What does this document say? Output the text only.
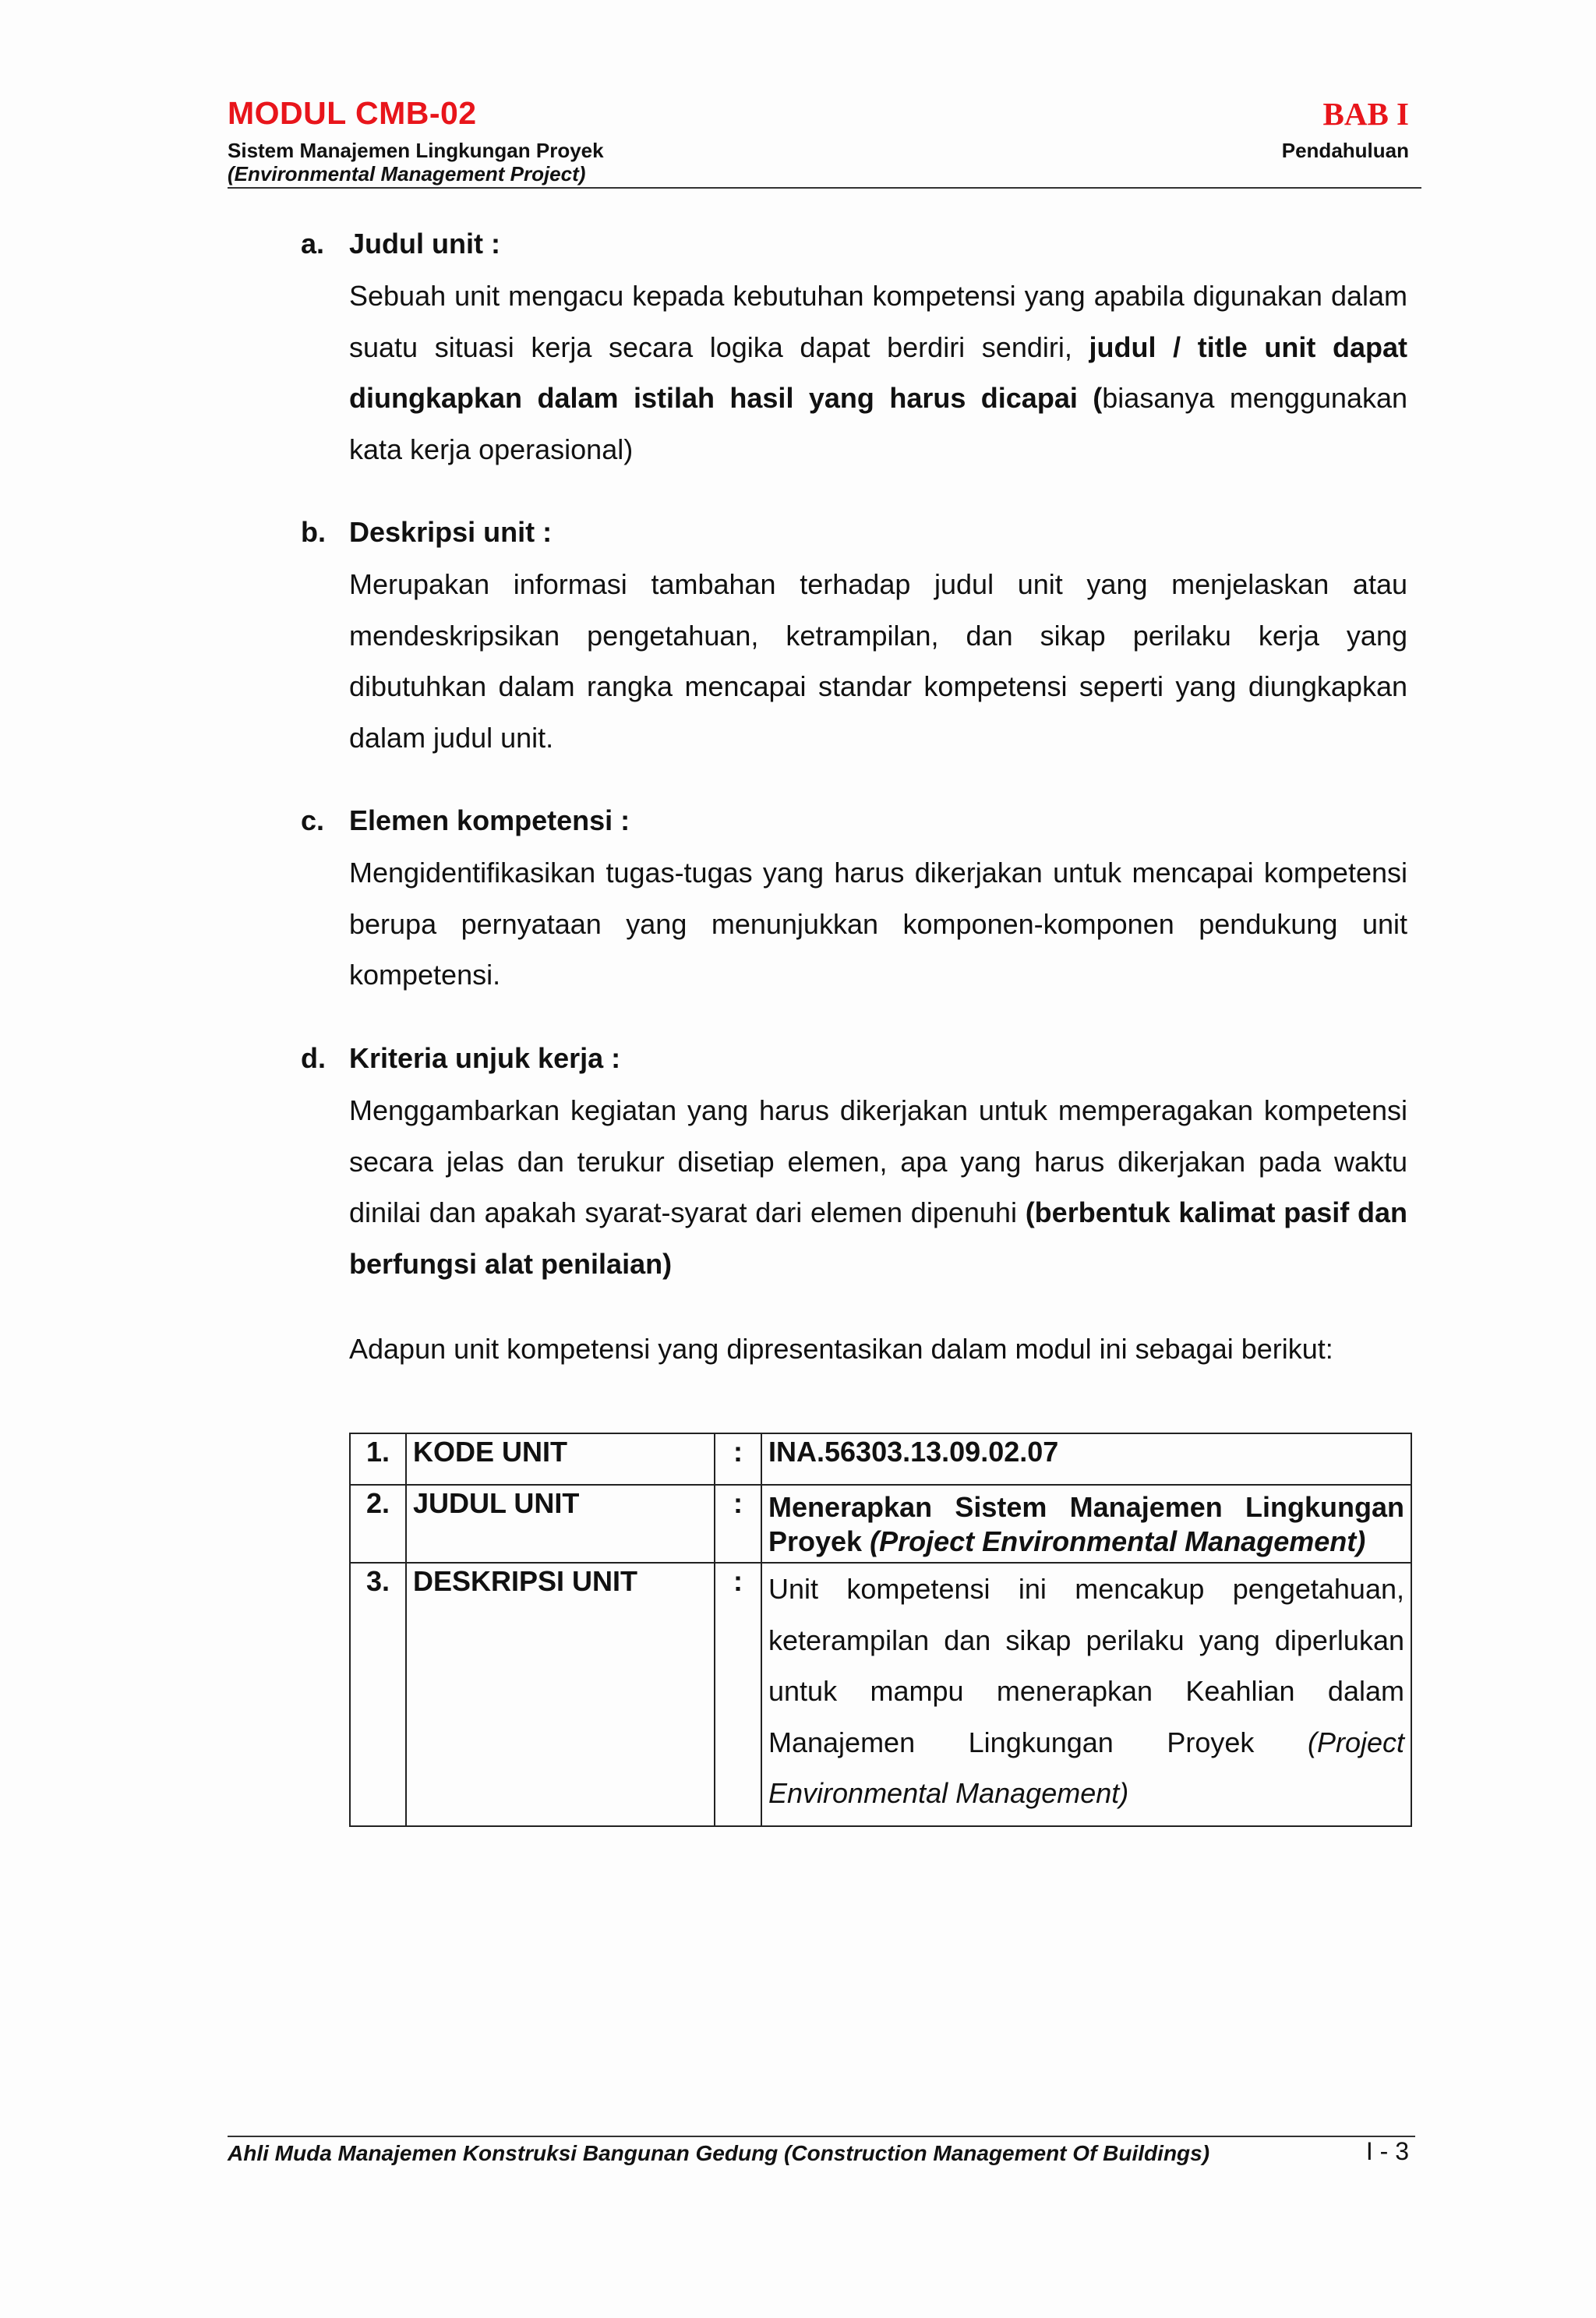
MODUL CMB-02	BAB I
Sistem Manajemen Lingkungan Proyek	Pendahuluan
(Environmental Management Project)
a. Judul unit :
Sebuah unit mengacu kepada kebutuhan kompetensi yang apabila digunakan dalam suatu situasi kerja secara logika dapat berdiri sendiri, judul / title unit dapat diungkapkan dalam istilah hasil yang harus dicapai (biasanya menggunakan kata kerja operasional)
b. Deskripsi unit :
Merupakan informasi tambahan terhadap judul unit yang menjelaskan atau mendeskripsikan pengetahuan, ketrampilan, dan sikap perilaku kerja yang dibutuhkan dalam rangka mencapai standar kompetensi seperti yang diungkapkan dalam judul unit.
c. Elemen kompetensi :
Mengidentifikasikan tugas-tugas yang harus dikerjakan untuk mencapai kompetensi berupa pernyataan yang menunjukkan komponen-komponen pendukung unit kompetensi.
d. Kriteria unjuk kerja :
Menggambarkan kegiatan yang harus dikerjakan untuk memperagakan kompetensi secara jelas dan terukur disetiap elemen, apa yang harus dikerjakan pada waktu dinilai dan apakah syarat-syarat dari elemen dipenuhi (berbentuk kalimat pasif dan berfungsi alat penilaian)
Adapun unit kompetensi yang dipresentasikan dalam modul ini sebagai berikut:
1.	KODE UNIT	:	INA.56303.13.09.02.07
2.	JUDUL UNIT	:	Menerapkan Sistem Manajemen Lingkungan Proyek (Project Environmental Management)
3.	DESKRIPSI UNIT	:	Unit kompetensi ini mencakup pengetahuan, keterampilan dan sikap perilaku yang diperlukan untuk mampu menerapkan Keahlian dalam Manajemen Lingkungan Proyek (Project Environmental Management)
Ahli Muda Manajemen Konstruksi Bangunan Gedung (Construction Management Of Buildings)	I - 3
